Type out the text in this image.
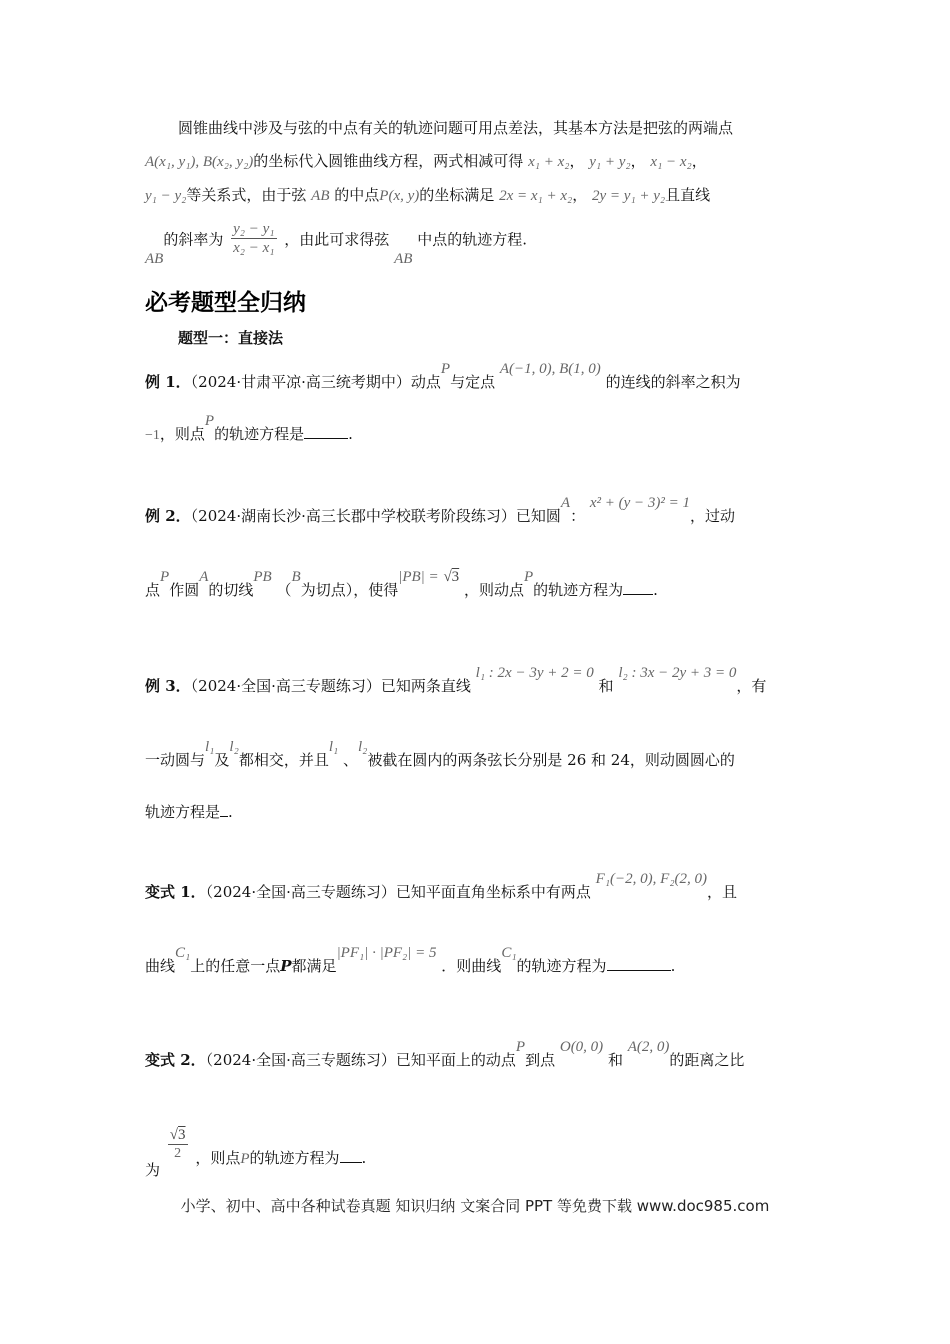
圆锥曲线中涉及与弦的中点有关的轨迹问题可用点差法，其基本方法是把弦的两端点
A(x₁, y₁), B(x₂, y₂)的坐标代入圆锥曲线方程，两式相减可得 x₁ + x₂， y₁ + y₂， x₁ − x₂，
y₁ − y₂等关系式，由于弦 AB 的中点P(x, y)的坐标满足 2x = x₁ + x₂， 2y = y₁ + y₂且直线
AB的斜率为 $\frac{\text{y₂ − y₁}}{\text{x₂ − x₁}}$ ，由此可求得弦 AB 中点的轨迹方程.
必考题型全归纳
题型一：直接法
例 1．（2024·甘肃平凉·高三统考期中）动点P与定点 A(−1, 0), B(1, 0) 的连线的斜率之积为
−1，则点P的轨迹方程是	.
例 2．（2024·湖南长沙·高三长郡中学校联考阶段练习）已知圆A： x² + (y − 3)² = 1，过动
点P作圆A的切线PB （B为切点），使得|PB| = √3 ，则动点P的轨迹方程为 .
例 3．（2024·全国·高三专题练习）已知两条直线 l₁ : 2x − 3y + 2 = 0 和 l₂ : 3x − 2y + 3 = 0，有
一动圆与l₁及l₂都相交，并且l₁ 、l₂被截在圆内的两条弦长分别是 26 和 24，则动圆圆心的
轨迹方程是 .
变式 1．（2024·全国·高三专题练习）已知平面直角坐标系中有两点 F₁(−2, 0), F₂(2, 0)，且
曲线C₁上的任意一点P都满足|PF₁| · |PF₂| = 5 ．则曲线C₁的轨迹方程为	.
变式 2．（2024·全国·高三专题练习）已知平面上的动点P到点 O(0, 0) 和 A(2, 0)的距离之比
为
$\frac{√3}{2}$ ，则点P的轨迹方程为 .
小学、初中、高中各种试卷真题 知识归纳 文案合同 PPT 等免费下载 www.doc985.com
